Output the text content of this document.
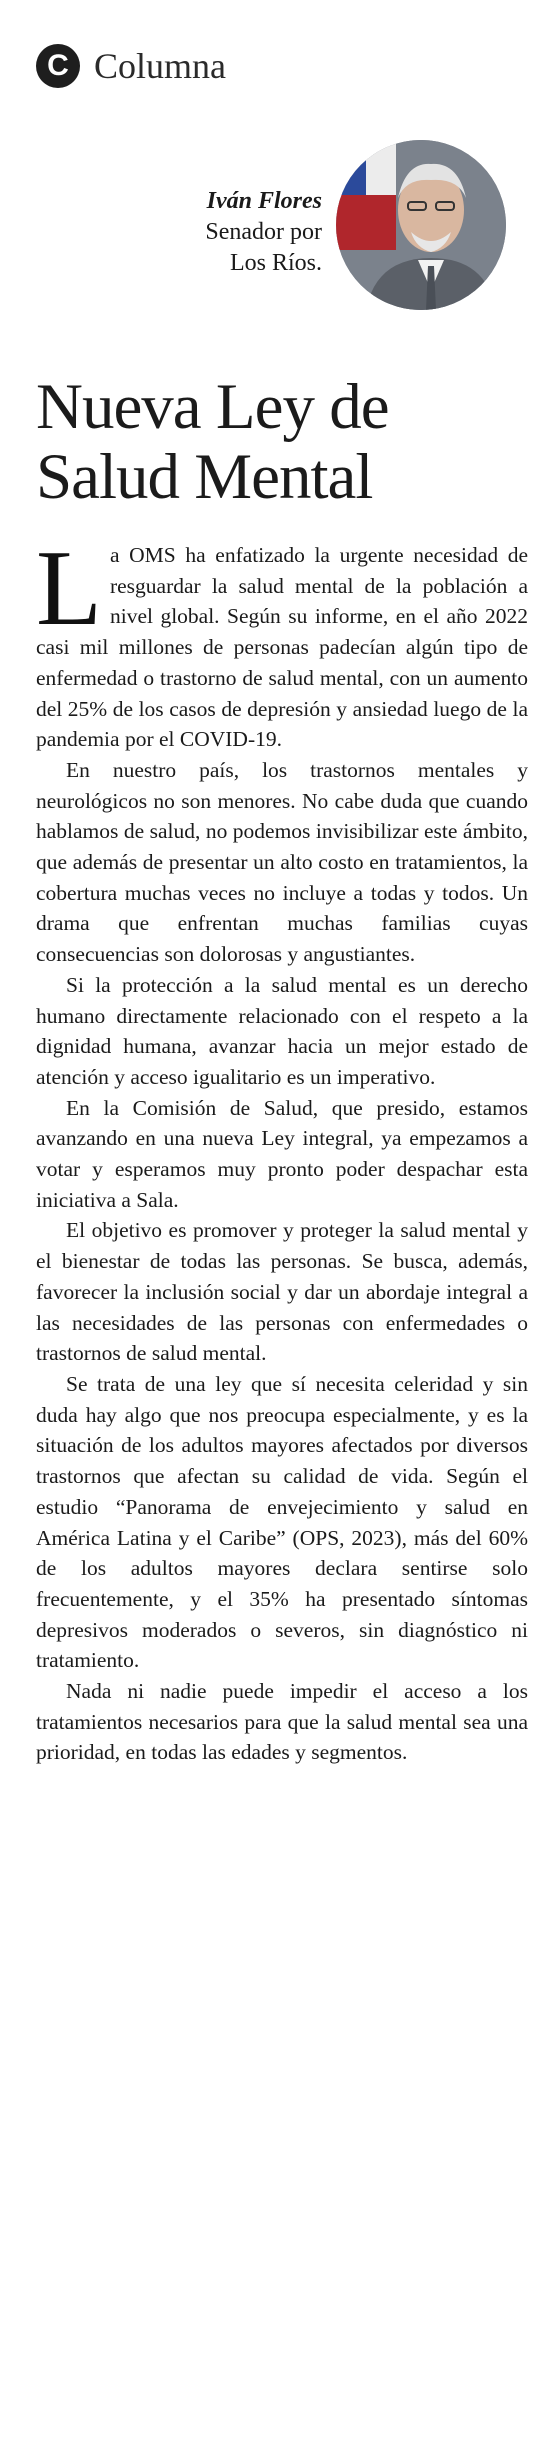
C Columna
Iván Flores
Senador por
Los Ríos.
Nueva Ley de
Salud Mental

La OMS ha enfatizado la urgente necesidad de resguardar la salud mental de la población a nivel global. Según su informe, en el año 2022 casi mil millones de personas padecían algún tipo de enfermedad o trastorno de salud mental, con un aumento del 25% de los casos de depresión y ansiedad luego de la pandemia por el COVID-19.

En nuestro país, los trastornos mentales y neurológicos no son menores. No cabe duda que cuando hablamos de salud, no podemos invisibilizar este ámbito, que además de presentar un alto costo en tratamientos, la cobertura muchas veces no incluye a todas y todos. Un drama que enfrentan muchas familias cuyas consecuencias son dolorosas y angustiantes.

Si la protección a la salud mental es un derecho humano directamente relacionado con el respeto a la dignidad humana, avanzar hacia un mejor estado de atención y acceso igualitario es un imperativo.

En la Comisión de Salud, que presido, estamos avanzando en una nueva Ley integral, ya empezamos a votar y esperamos muy pronto poder despachar esta iniciativa a Sala.

El objetivo es promover y proteger la salud mental y el bienestar de todas las personas. Se busca, además, favorecer la inclusión social y dar un abordaje integral a las necesidades de las personas con enfermedades o trastornos de salud mental.

Se trata de una ley que sí necesita celeridad y sin duda hay algo que nos preocupa especialmente, y es la situación de los adultos mayores afectados por diversos trastornos que afectan su calidad de vida. Según el estudio “Panorama de envejecimiento y salud en América Latina y el Caribe” (OPS, 2023), más del 60% de los adultos mayores declara sentirse solo frecuentemente, y el 35% ha presentado síntomas depresivos moderados o severos, sin diagnóstico ni tratamiento.

Nada ni nadie puede impedir el acceso a los tratamientos necesarios para que la salud mental sea una prioridad, en todas las edades y segmentos.
